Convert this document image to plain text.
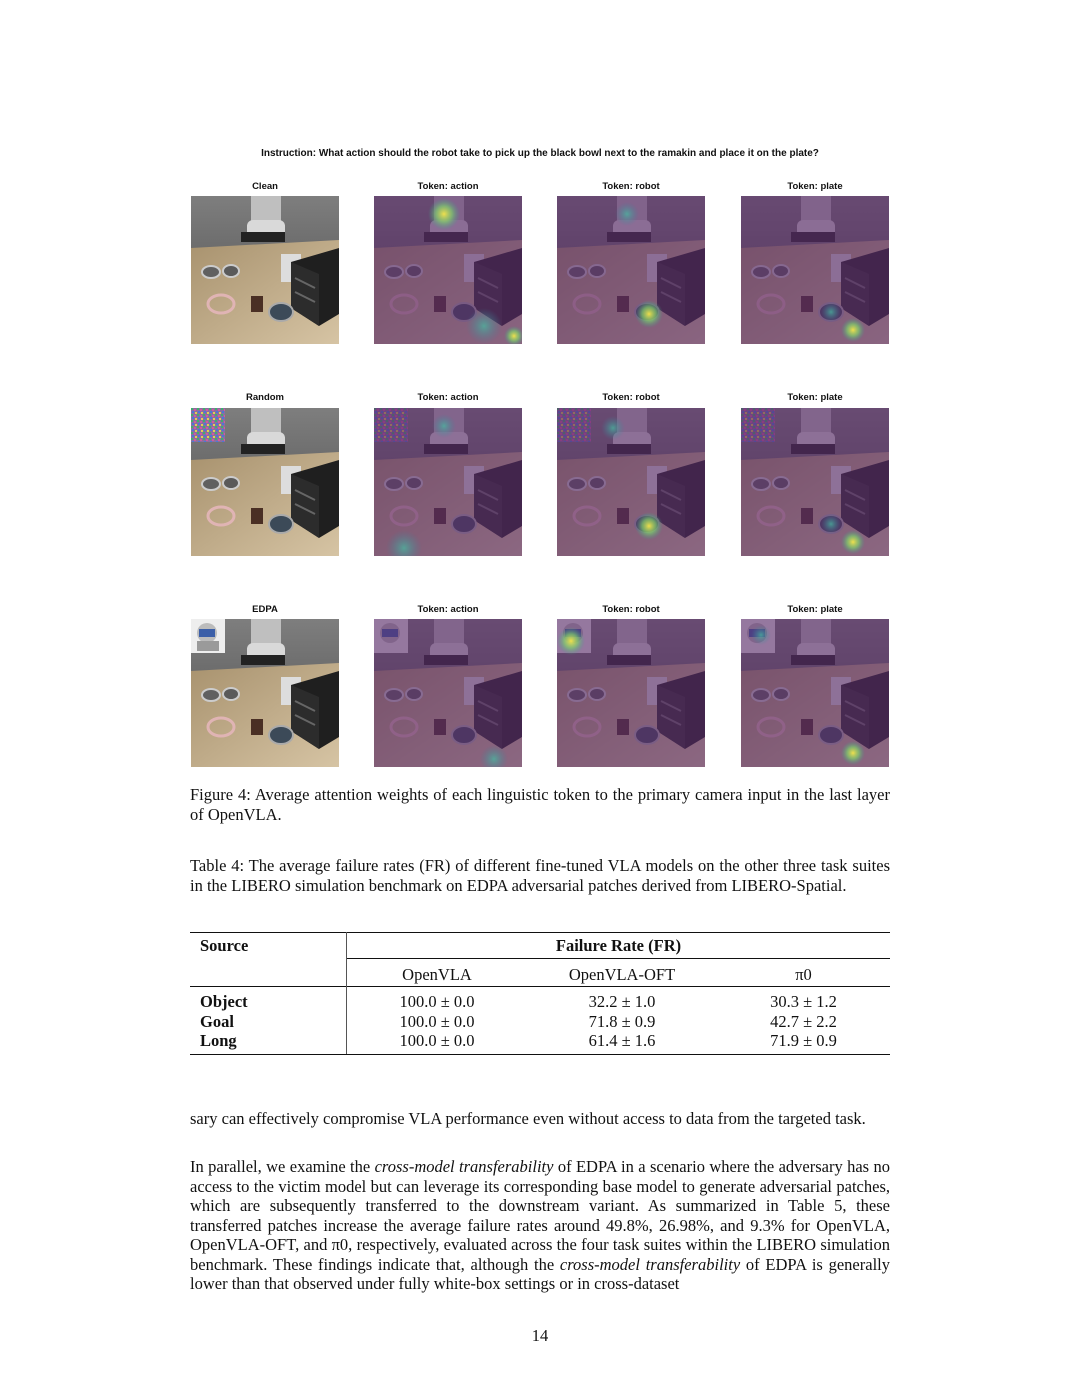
Instruction: What action should the robot take to pick up the black bowl next to the ramakin and place it on the plate?
Clean	Token: action	Token: robot	Token: plate
Random	Token: action	Token: robot	Token: plate
EDPA	Token: action	Token: robot	Token: plate
Figure 4: Average attention weights of each linguistic token to the primary camera input in the last layer of OpenVLA.
Table 4: The average failure rates (FR) of different fine-tuned VLA models on the other three task suites in the LIBERO simulation benchmark on EDPA adversarial patches derived from LIBERO-Spatial.
Source	Failure Rate (FR)		
	OpenVLA	OpenVLA-OFT	π0
Object	100.0 ± 0.0	32.2 ± 1.0	30.3 ± 1.2
Goal	100.0 ± 0.0	71.8 ± 0.9	42.7 ± 2.2
Long	100.0 ± 0.0	61.4 ± 1.6	71.9 ± 0.9
sary can effectively compromise VLA performance even without access to data from the targeted task.
In parallel, we examine the cross-model transferability of EDPA in a scenario where the adversary has no access to the victim model but can leverage its corresponding base model to generate adversarial patches, which are subsequently transferred to the downstream variant. As summarized in Table 5, these transferred patches increase the average failure rates around 49.8%, 26.98%, and 9.3% for OpenVLA, OpenVLA-OFT, and π0, respectively, evaluated across the four task suites within the LIBERO simulation benchmark. These findings indicate that, although the cross-model transferability of EDPA is generally lower than that observed under fully white-box settings or in cross-dataset
14
